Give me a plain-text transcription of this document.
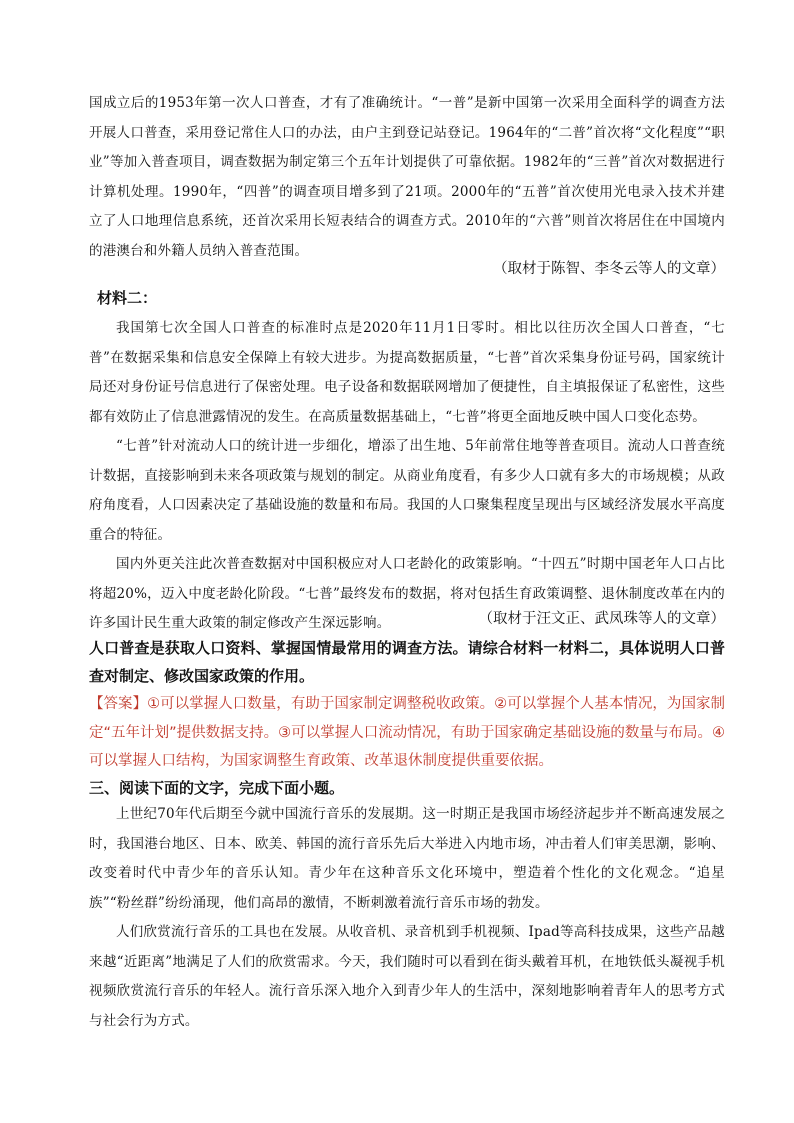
国成立后的1953年第一次人口普查，才有了准确统计。“一普”是新中国第一次采用全面科学的调查方法开展人口普查，采用登记常住人口的办法，由户主到登记站登记。1964年的“二普”首次将“文化程度”“职业”等加入普查项目，调查数据为制定第三个五年计划提供了可靠依据。1982年的“三普”首次对数据进行计算机处理。1990年，“四普”的调查项目增多到了21项。2000年的“五普”首次使用光电录入技术并建立了人口地理信息系统，还首次采用长短表结合的调查方式。2010年的“六普”则首次将居住在中国境内的港澳台和外籍人员纳入普查范围。

（取材于陈智、李冬云等人的文章）

材料二：

我国第七次全国人口普查的标准时点是2020年11月1日零时。相比以往历次全国人口普查，“七普”在数据采集和信息安全保障上有较大进步。为提高数据质量，“七普”首次采集身份证号码，国家统计局还对身份证号信息进行了保密处理。电子设备和数据联网增加了便捷性，自主填报保证了私密性，这些都有效防止了信息泄露情况的发生。在高质量数据基础上，“七普”将更全面地反映中国人口变化态势。

“七普”针对流动人口的统计进一步细化，增添了出生地、5年前常住地等普查项目。流动人口普查统计数据，直接影响到未来各项政策与规划的制定。从商业角度看，有多少人口就有多大的市场规模；从政府角度看，人口因素决定了基础设施的数量和布局。我国的人口聚集程度呈现出与区域经济发展水平高度重合的特征。

国内外更关注此次普查数据对中国积极应对人口老龄化的政策影响。“十四五”时期中国老年人口占比将超20%，迈入中度老龄化阶段。“七普”最终发布的数据，将对包括生育政策调整、退休制度改革在内的许多国计民生重大政策的制定修改产生深远影响。	（取材于汪文正、武凤珠等人的文章）

人口普查是获取人口资料、掌握国情最常用的调查方法。请综合材料一材料二，具体说明人口普查对制定、修改国家政策的作用。

【答案】①可以掌握人口数量，有助于国家制定调整税收政策。②可以掌握个人基本情况，为国家制定“五年计划”提供数据支持。③可以掌握人口流动情况，有助于国家确定基础设施的数量与布局。④可以掌握人口结构，为国家调整生育政策、改革退休制度提供重要依据。

三、阅读下面的文字，完成下面小题。

上世纪70年代后期至今就中国流行音乐的发展期。这一时期正是我国市场经济起步并不断高速发展之时，我国港台地区、日本、欧美、韩国的流行音乐先后大举进入内地市场，冲击着人们审美思潮，影响、改变着时代中青少年的音乐认知。青少年在这种音乐文化环境中，塑造着个性化的文化观念。“追星族”“粉丝群”纷纷涌现，他们高昂的激情，不断刺激着流行音乐市场的勃发。

人们欣赏流行音乐的工具也在发展。从收音机、录音机到手机视频、Ipad等高科技成果，这些产品越来越“近距离”地满足了人们的欣赏需求。今天，我们随时可以看到在街头戴着耳机，在地铁低头凝视手机视频欣赏流行音乐的年轻人。流行音乐深入地介入到青少年人的生活中，深刻地影响着青年人的思考方式与社会行为方式。
